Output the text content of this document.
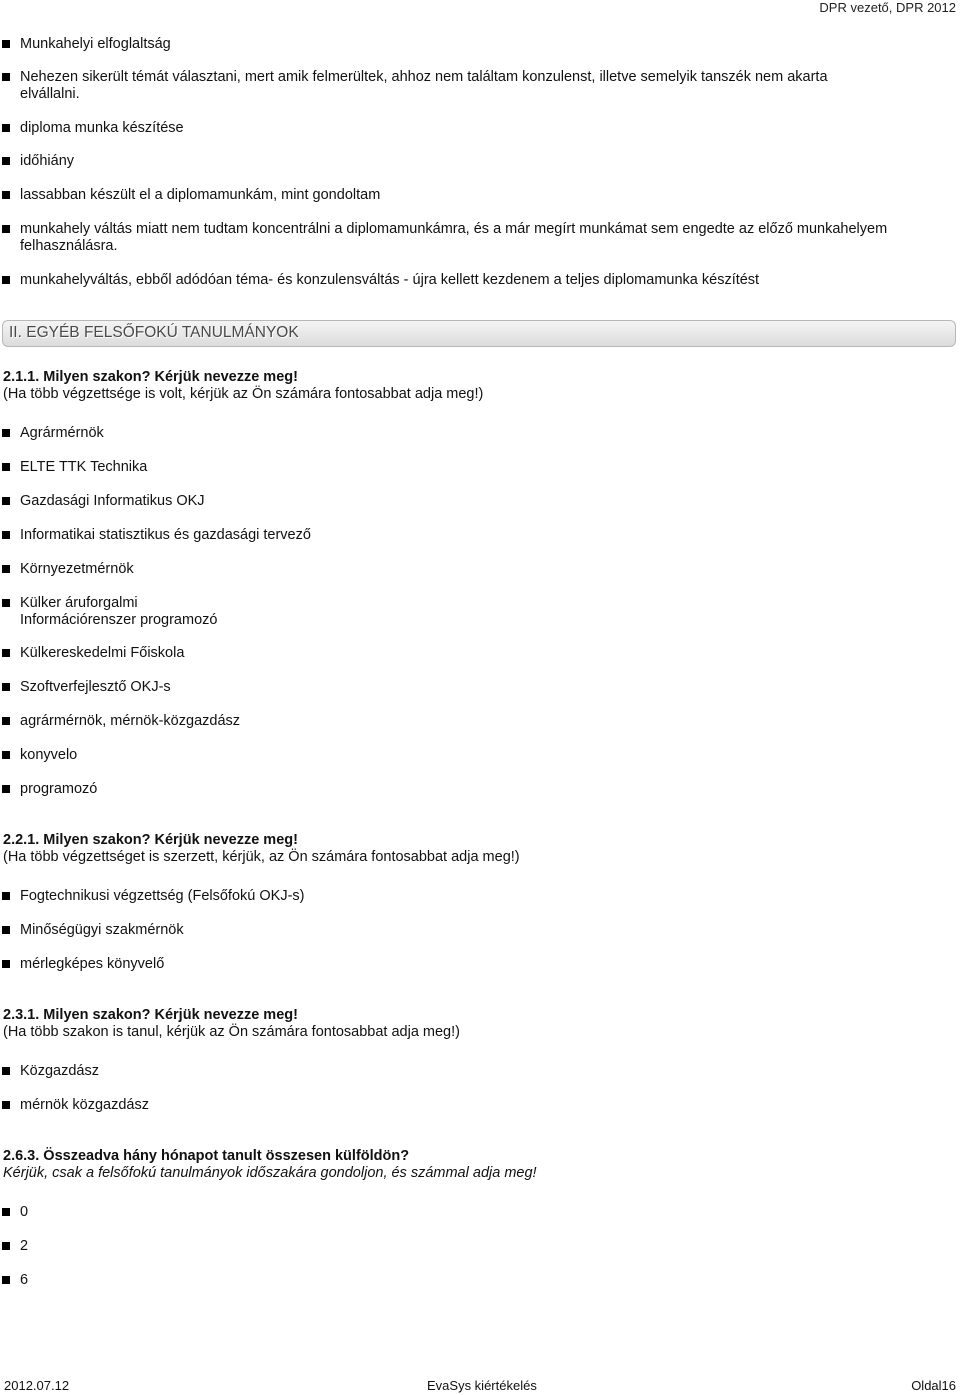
DPR vezető, DPR 2012
Munkahelyi elfoglaltság
Nehezen sikerült témát választani, mert amik felmerültek, ahhoz nem találtam konzulenst, illetve semelyik tanszék nem akarta elvállalni.
diploma munka készítése
időhiány
lassabban készült el a diplomamunkám, mint gondoltam
munkahely váltás miatt nem tudtam koncentrálni a diplomamunkámra, és a már megírt munkámat sem engedte az előző munkahelyem felhasználásra.
munkahelyváltás, ebből adódóan téma- és konzulensváltás - újra kellett kezdenem a teljes diplomamunka készítést
II. EGYÉB FELSŐFOKÚ TANULMÁNYOK
2.1.1. Milyen szakon? Kérjük nevezze meg!
(Ha több végzettsége is volt, kérjük az Ön számára fontosabbat adja meg!)
Agrármérnök
ELTE TTK Technika
Gazdasági Informatikus OKJ
Informatikai statisztikus és gazdasági tervező
Környezetmérnök
Külker áruforgalmi
Információrenszer programozó
Külkereskedelmi Főiskola
Szoftverfejlesztő OKJ-s
agrármérnök, mérnök-közgazdász
konyvelo
programozó
2.2.1. Milyen szakon? Kérjük nevezze meg!
(Ha több végzettséget is szerzett, kérjük, az Ön számára fontosabbat adja meg!)
Fogtechnikusi végzettség (Felsőfokú OKJ-s)
Minőségügyi szakmérnök
mérlegképes könyvelő
2.3.1. Milyen szakon? Kérjük nevezze meg!
(Ha több szakon is tanul, kérjük az Ön számára fontosabbat adja meg!)
Közgazdász
mérnök közgazdász
2.6.3. Összeadva hány hónapot tanult összesen külföldön?
Kérjük, csak a felsőfokú tanulmányok időszakára gondoljon, és számmal adja meg!
0
2
6
2012.07.12	EvaSys kiértékelés	Oldal16
